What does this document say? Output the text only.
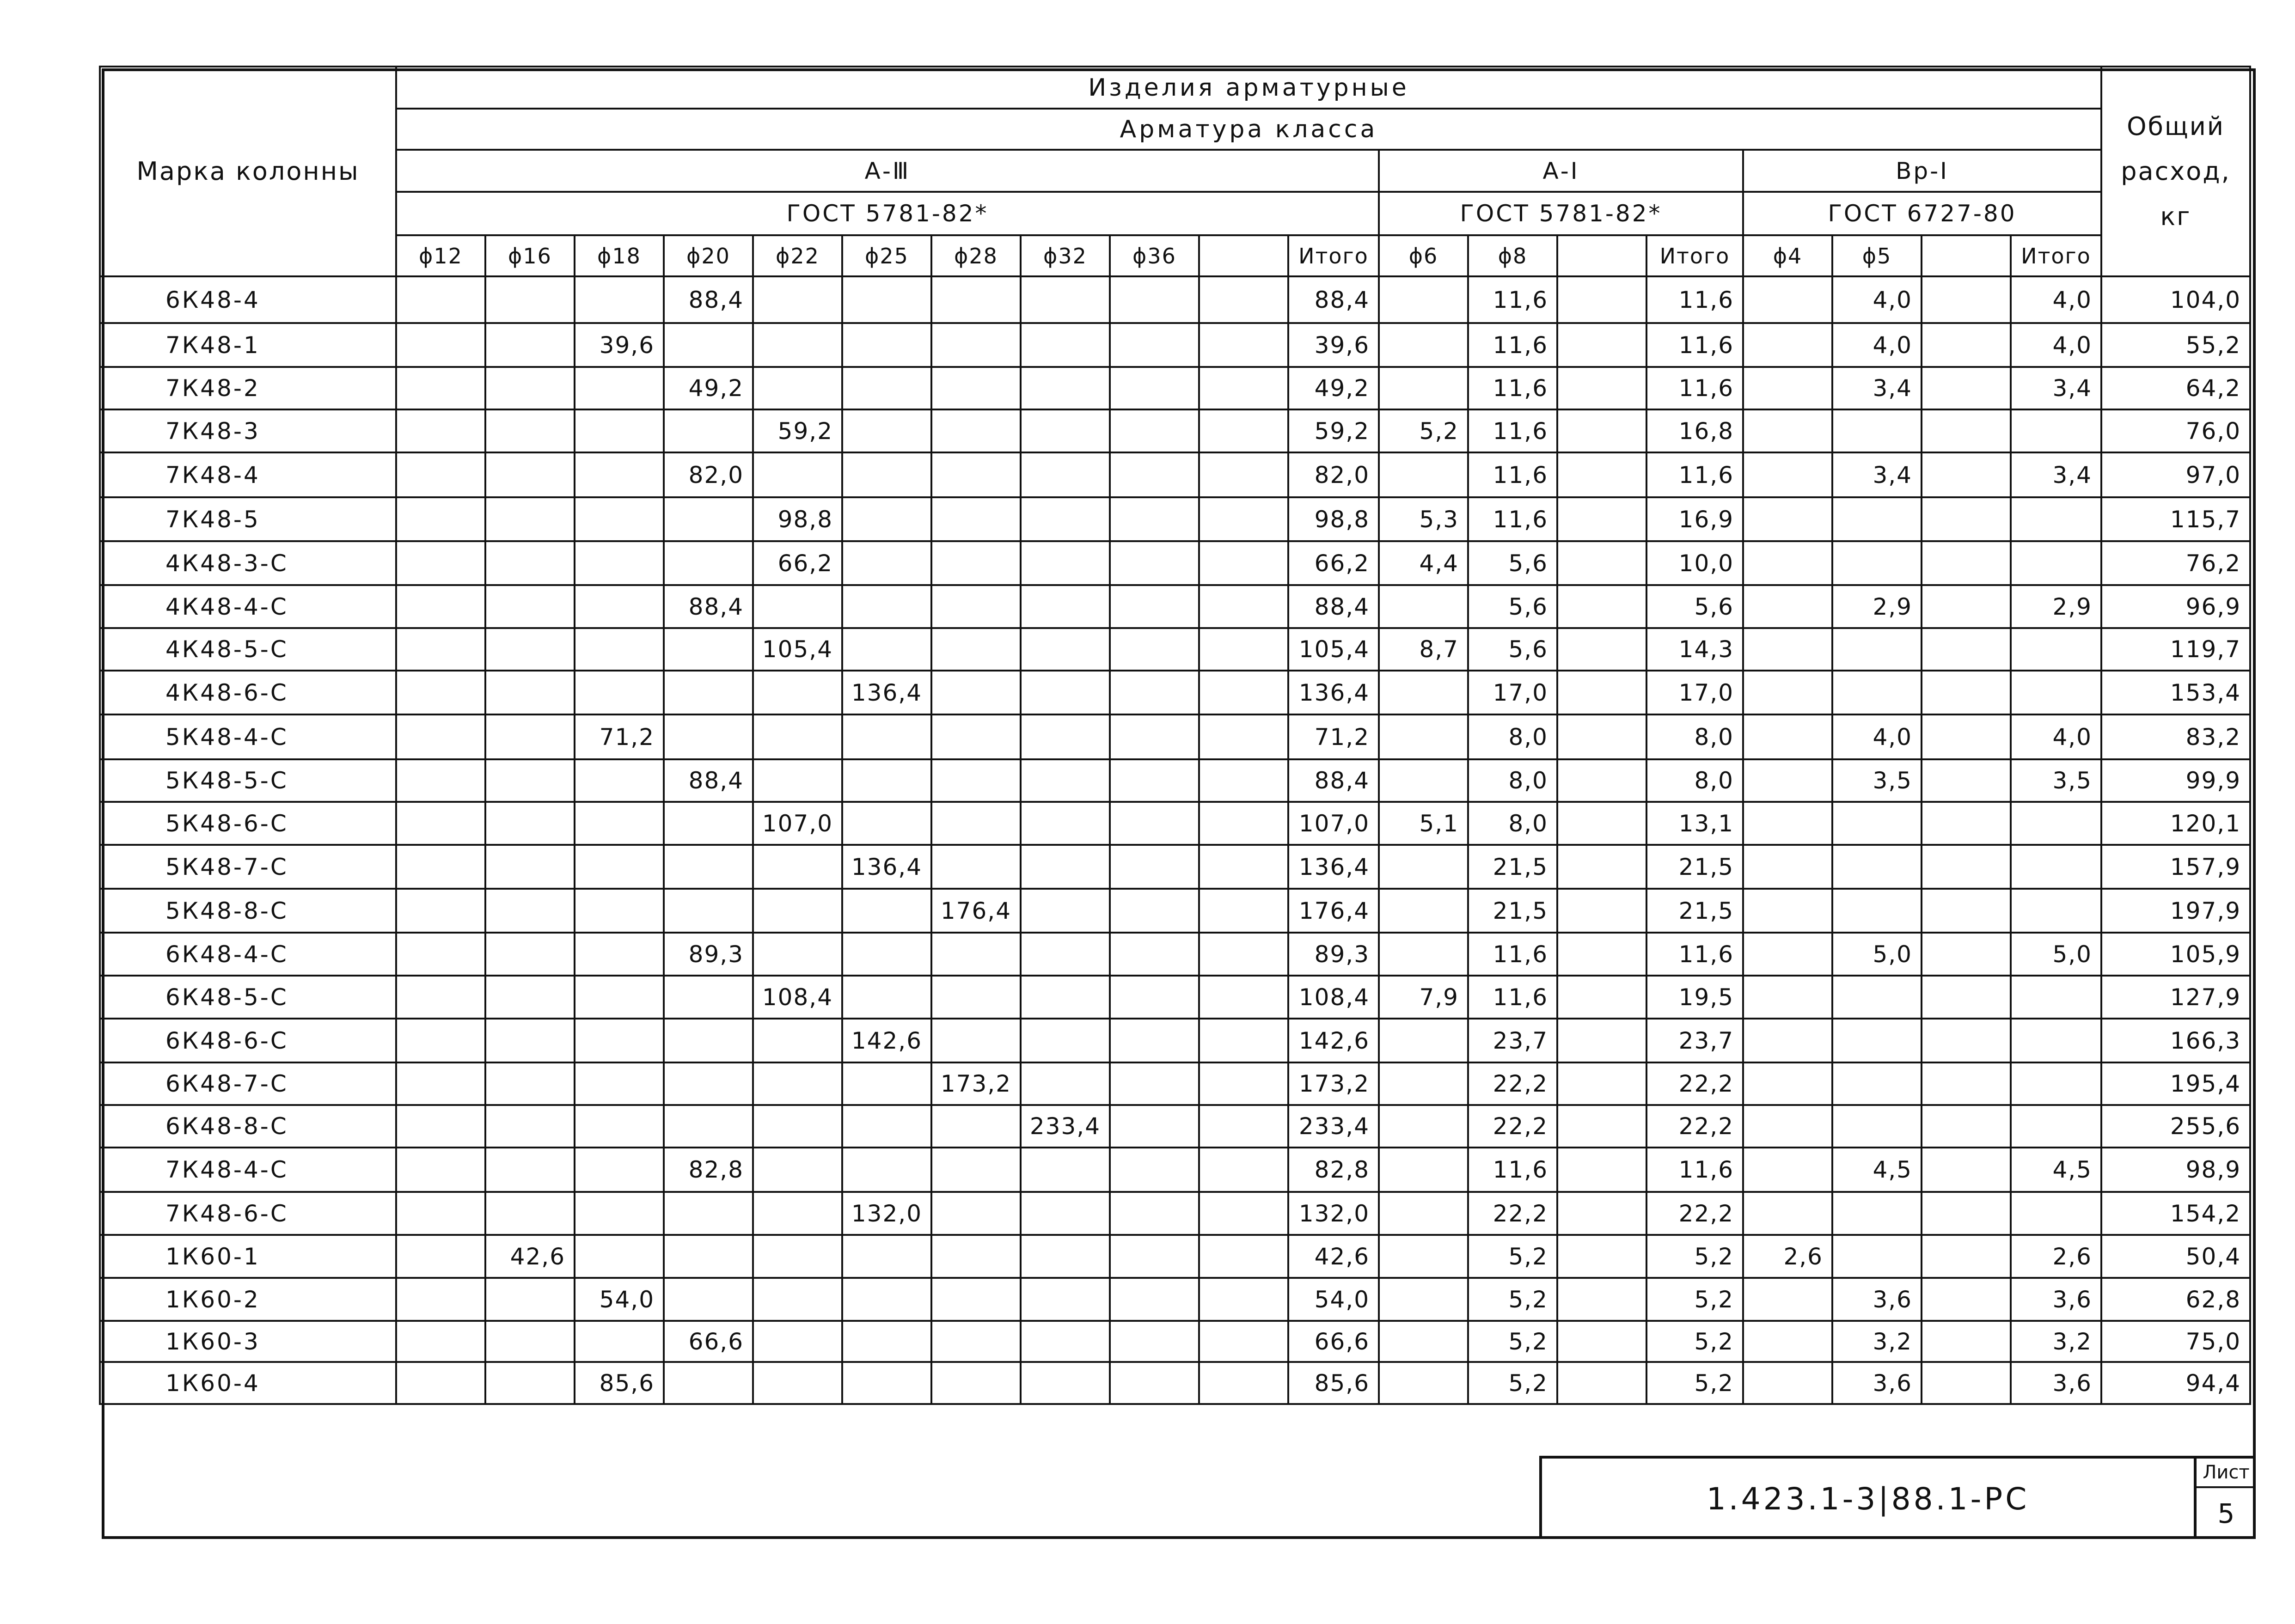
Марка колонны	Изделия арматурные																			Общий расход, кг
	Арматура класса																			
	А-Ⅲ											А-Ⅰ				Вр-Ⅰ				
	ГОСТ 5781-82*											ГОСТ 5781-82*				ГОСТ 6727-80				
	ϕ12	ϕ16	ϕ18	ϕ20	ϕ22	ϕ25	ϕ28	ϕ32	ϕ36		Итого	ϕ6	ϕ8		Итого	ϕ4	ϕ5		Итого	
6К48-4				88,4							88,4		11,6		11,6		4,0		4,0	104,0
7К48-1			39,6								39,6		11,6		11,6		4,0		4,0	55,2
7К48-2				49,2							49,2		11,6		11,6		3,4		3,4	64,2
7К48-3					59,2						59,2	5,2	11,6		16,8					76,0
7К48-4				82,0							82,0		11,6		11,6		3,4		3,4	97,0
7К48-5					98,8						98,8	5,3	11,6		16,9					115,7
4К48-3-С					66,2						66,2	4,4	5,6		10,0					76,2
4К48-4-С				88,4							88,4		5,6		5,6		2,9		2,9	96,9
4К48-5-С					105,4						105,4	8,7	5,6		14,3					119,7
4К48-6-С						136,4					136,4		17,0		17,0					153,4
5К48-4-С			71,2								71,2		8,0		8,0		4,0		4,0	83,2
5К48-5-С				88,4							88,4		8,0		8,0		3,5		3,5	99,9
5К48-6-С					107,0						107,0	5,1	8,0		13,1					120,1
5К48-7-С						136,4					136,4		21,5		21,5					157,9
5К48-8-С							176,4				176,4		21,5		21,5					197,9
6К48-4-С				89,3							89,3		11,6		11,6		5,0		5,0	105,9
6К48-5-С					108,4						108,4	7,9	11,6		19,5					127,9
6К48-6-С						142,6					142,6		23,7		23,7					166,3
6К48-7-С							173,2				173,2		22,2		22,2					195,4
6К48-8-С								233,4			233,4		22,2		22,2					255,6
7К48-4-С				82,8							82,8		11,6		11,6		4,5		4,5	98,9
7К48-6-С						132,0					132,0		22,2		22,2					154,2
1К60-1		42,6									42,6		5,2		5,2	2,6			2,6	50,4
1К60-2			54,0								54,0		5,2		5,2		3,6		3,6	62,8
1К60-3				66,6							66,6		5,2		5,2		3,2		3,2	75,0
1К60-4			85,6								85,6		5,2		5,2		3,6		3,6	94,4
1.423.1-3|88.1-РС
Лист
5
